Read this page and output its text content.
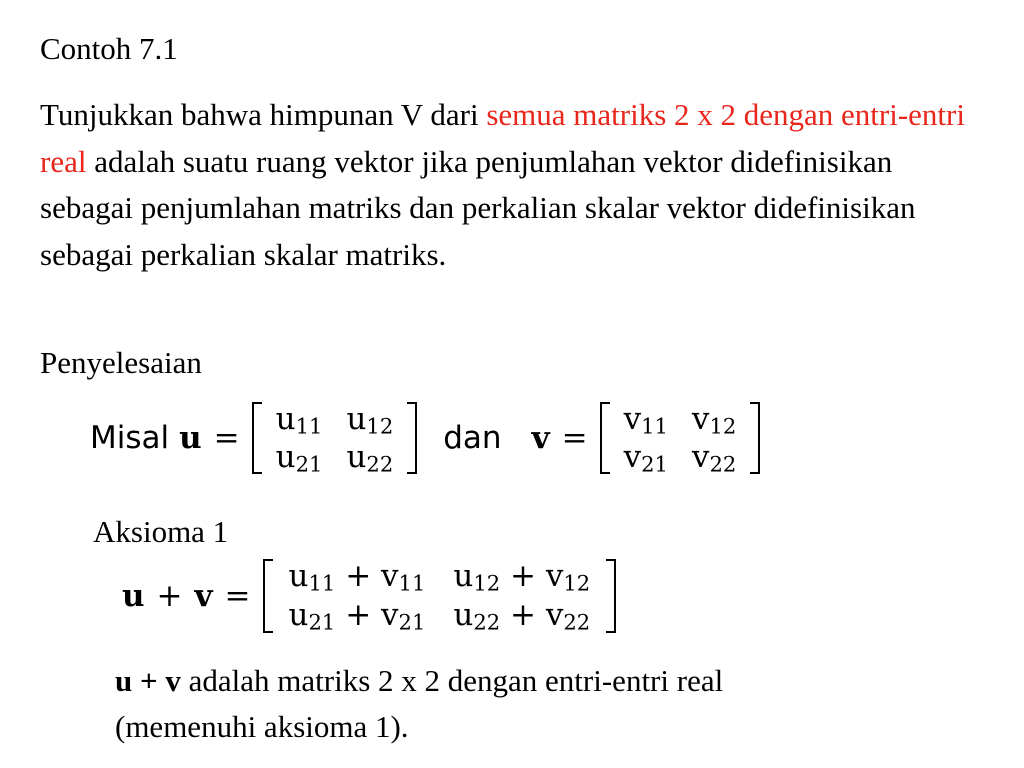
Contoh 7.1
Tunjukkan bahwa himpunan V dari semua matriks 2 x 2 dengan entri-entri real adalah suatu ruang vektor jika penjumlahan vektor didefinisikan sebagai penjumlahan matriks dan perkalian skalar vektor didefinisikan sebagai perkalian skalar matriks.
Penyelesaian
Misal u =
$u_{11}$	$u_{12}$
$u_{21}$	$u_{22}$
dan v =
$v_{11}$	$v_{12}$
$v_{21}$	$v_{22}$
Aksioma 1
u + v =
$u_{11} + v_{11}$	$u_{12} + v_{12}$
$u_{21} + v_{21}$	$u_{22} + v_{22}$
u + v adalah matriks 2 x 2 dengan entri-entri real
(memenuhi aksioma 1).
